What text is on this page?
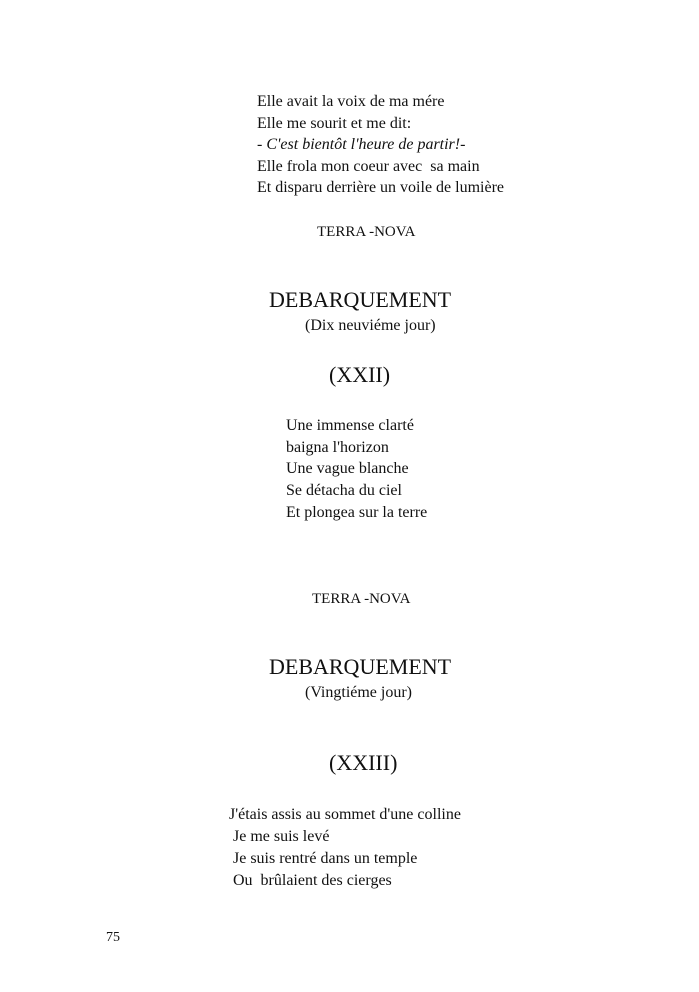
Elle avait la voix de ma mére
Elle me sourit et me dit:
- C'est bientôt l'heure de partir!-
Elle frola mon coeur avec  sa main
Et disparu derrière un voile de lumière
TERRA -NOVA
DEBARQUEMENT
(Dix neuviéme jour)
(XXII)
Une immense clarté
baigna l'horizon
Une vague blanche
Se détacha du ciel
Et plongea sur la terre
TERRA -NOVA
DEBARQUEMENT
(Vingtiéme jour)
(XXIII)
J'étais assis au sommet d'une colline
Je me suis levé
Je suis rentré dans un temple
Ou  brûlaient des cierges
75
